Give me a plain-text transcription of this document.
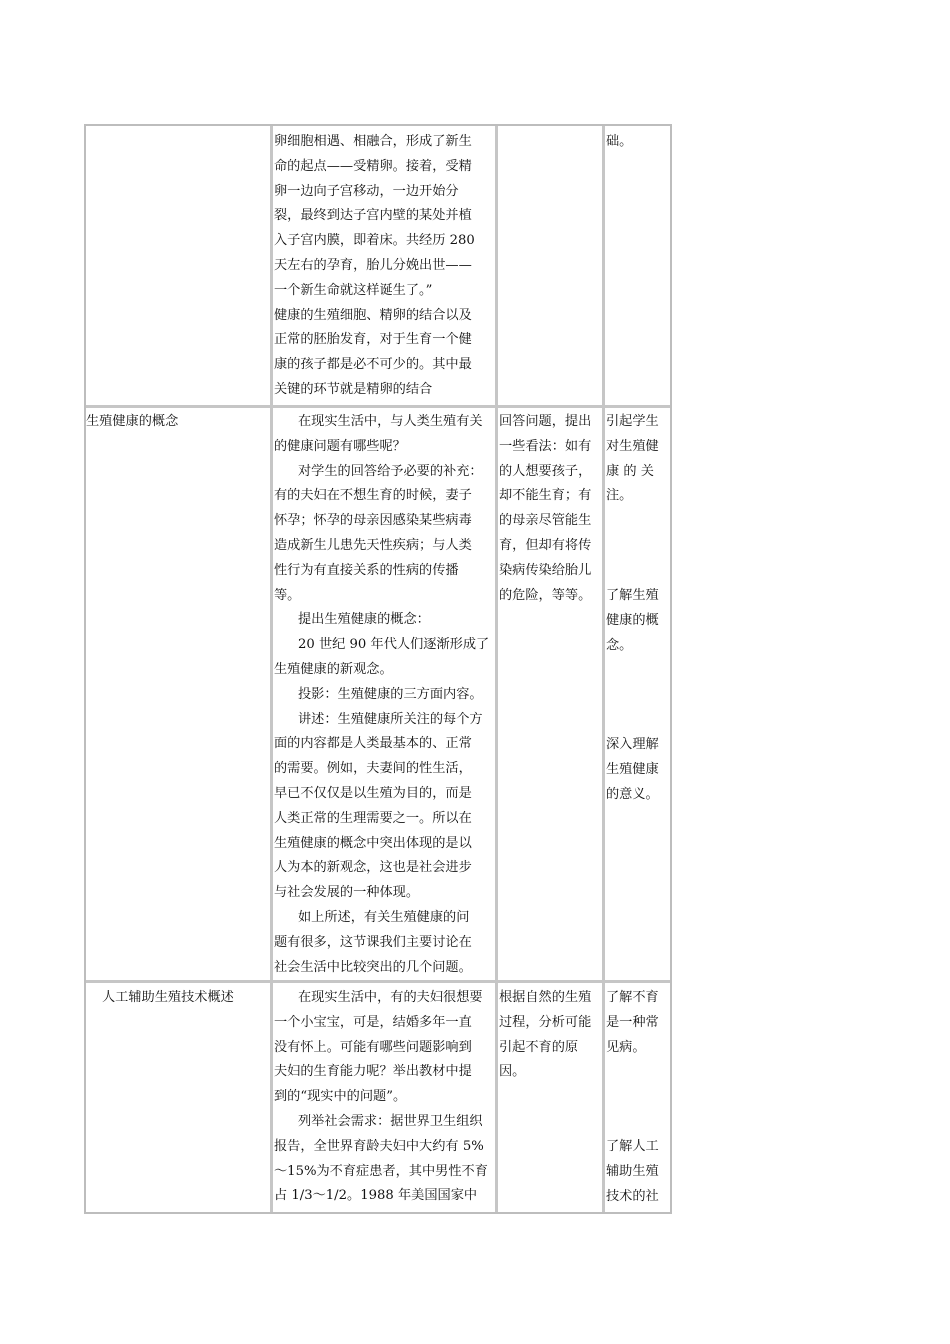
卵细胞相遇、相融合，形成了新生

命的起点——受精卵。接着，受精

卵一边向子宫移动，一边开始分

裂，最终到达子宫内壁的某处并植

入子宫内膜，即着床。共经历 280

天左右的孕育，胎儿分娩出世——

一个新生命就这样诞生了。”

健康的生殖细胞、精卵的结合以及

正常的胚胎发育，对于生育一个健

康的孩子都是必不可少的。其中最

关键的环节就是精卵的结合

础。

生殖健康的概念	在现实生活中，与人类生殖有关

的健康问题有哪些呢？

对学生的回答给予必要的补充：

有的夫妇在不想生育的时候，妻子

怀孕；怀孕的母亲因感染某些病毒

造成新生儿患先天性疾病；与人类

性行为有直接关系的性病的传播

等。

提出生殖健康的概念：

20 世纪 90 年代人们逐渐形成了

生殖健康的新观念。

投影：生殖健康的三方面内容。

讲述：生殖健康所关注的每个方

面的内容都是人类最基本的、正常

的需要。例如，夫妻间的性生活，

早已不仅仅是以生殖为目的，而是

人类正常的生理需要之一。所以在

生殖健康的概念中突出体现的是以

人为本的新观念，这也是社会进步

与社会发展的一种体现。

如上所述，有关生殖健康的问

题有很多，这节课我们主要讨论在

社会生活中比较突出的几个问题。

回答问题，提出

一些看法：如有

的人想要孩子，

却不能生育；有

的母亲尽管能生

育，但却有将传

染病传染给胎儿

的危险，等等。

引起学生

对生殖健

康 的 关

注。

了解生殖

健康的概

念。

深入理解

生殖健康

的意义。

人工辅助生殖技术概述	在现实生活中，有的夫妇很想要

一个小宝宝，可是，结婚多年一直

没有怀上。可能有哪些问题影响到

夫妇的生育能力呢？举出教材中提

到的“现实中的问题”。

列举社会需求：据世界卫生组织

报告，全世界育龄夫妇中大约有 5%

～15%为不育症患者，其中男性不育

占 1/3～1/2。1988 年美国国家中

根据自然的生殖

过程，分析可能

引起不育的原

因。

了解不育

是一种常

见病。

了解人工

辅助生殖

技术的社
